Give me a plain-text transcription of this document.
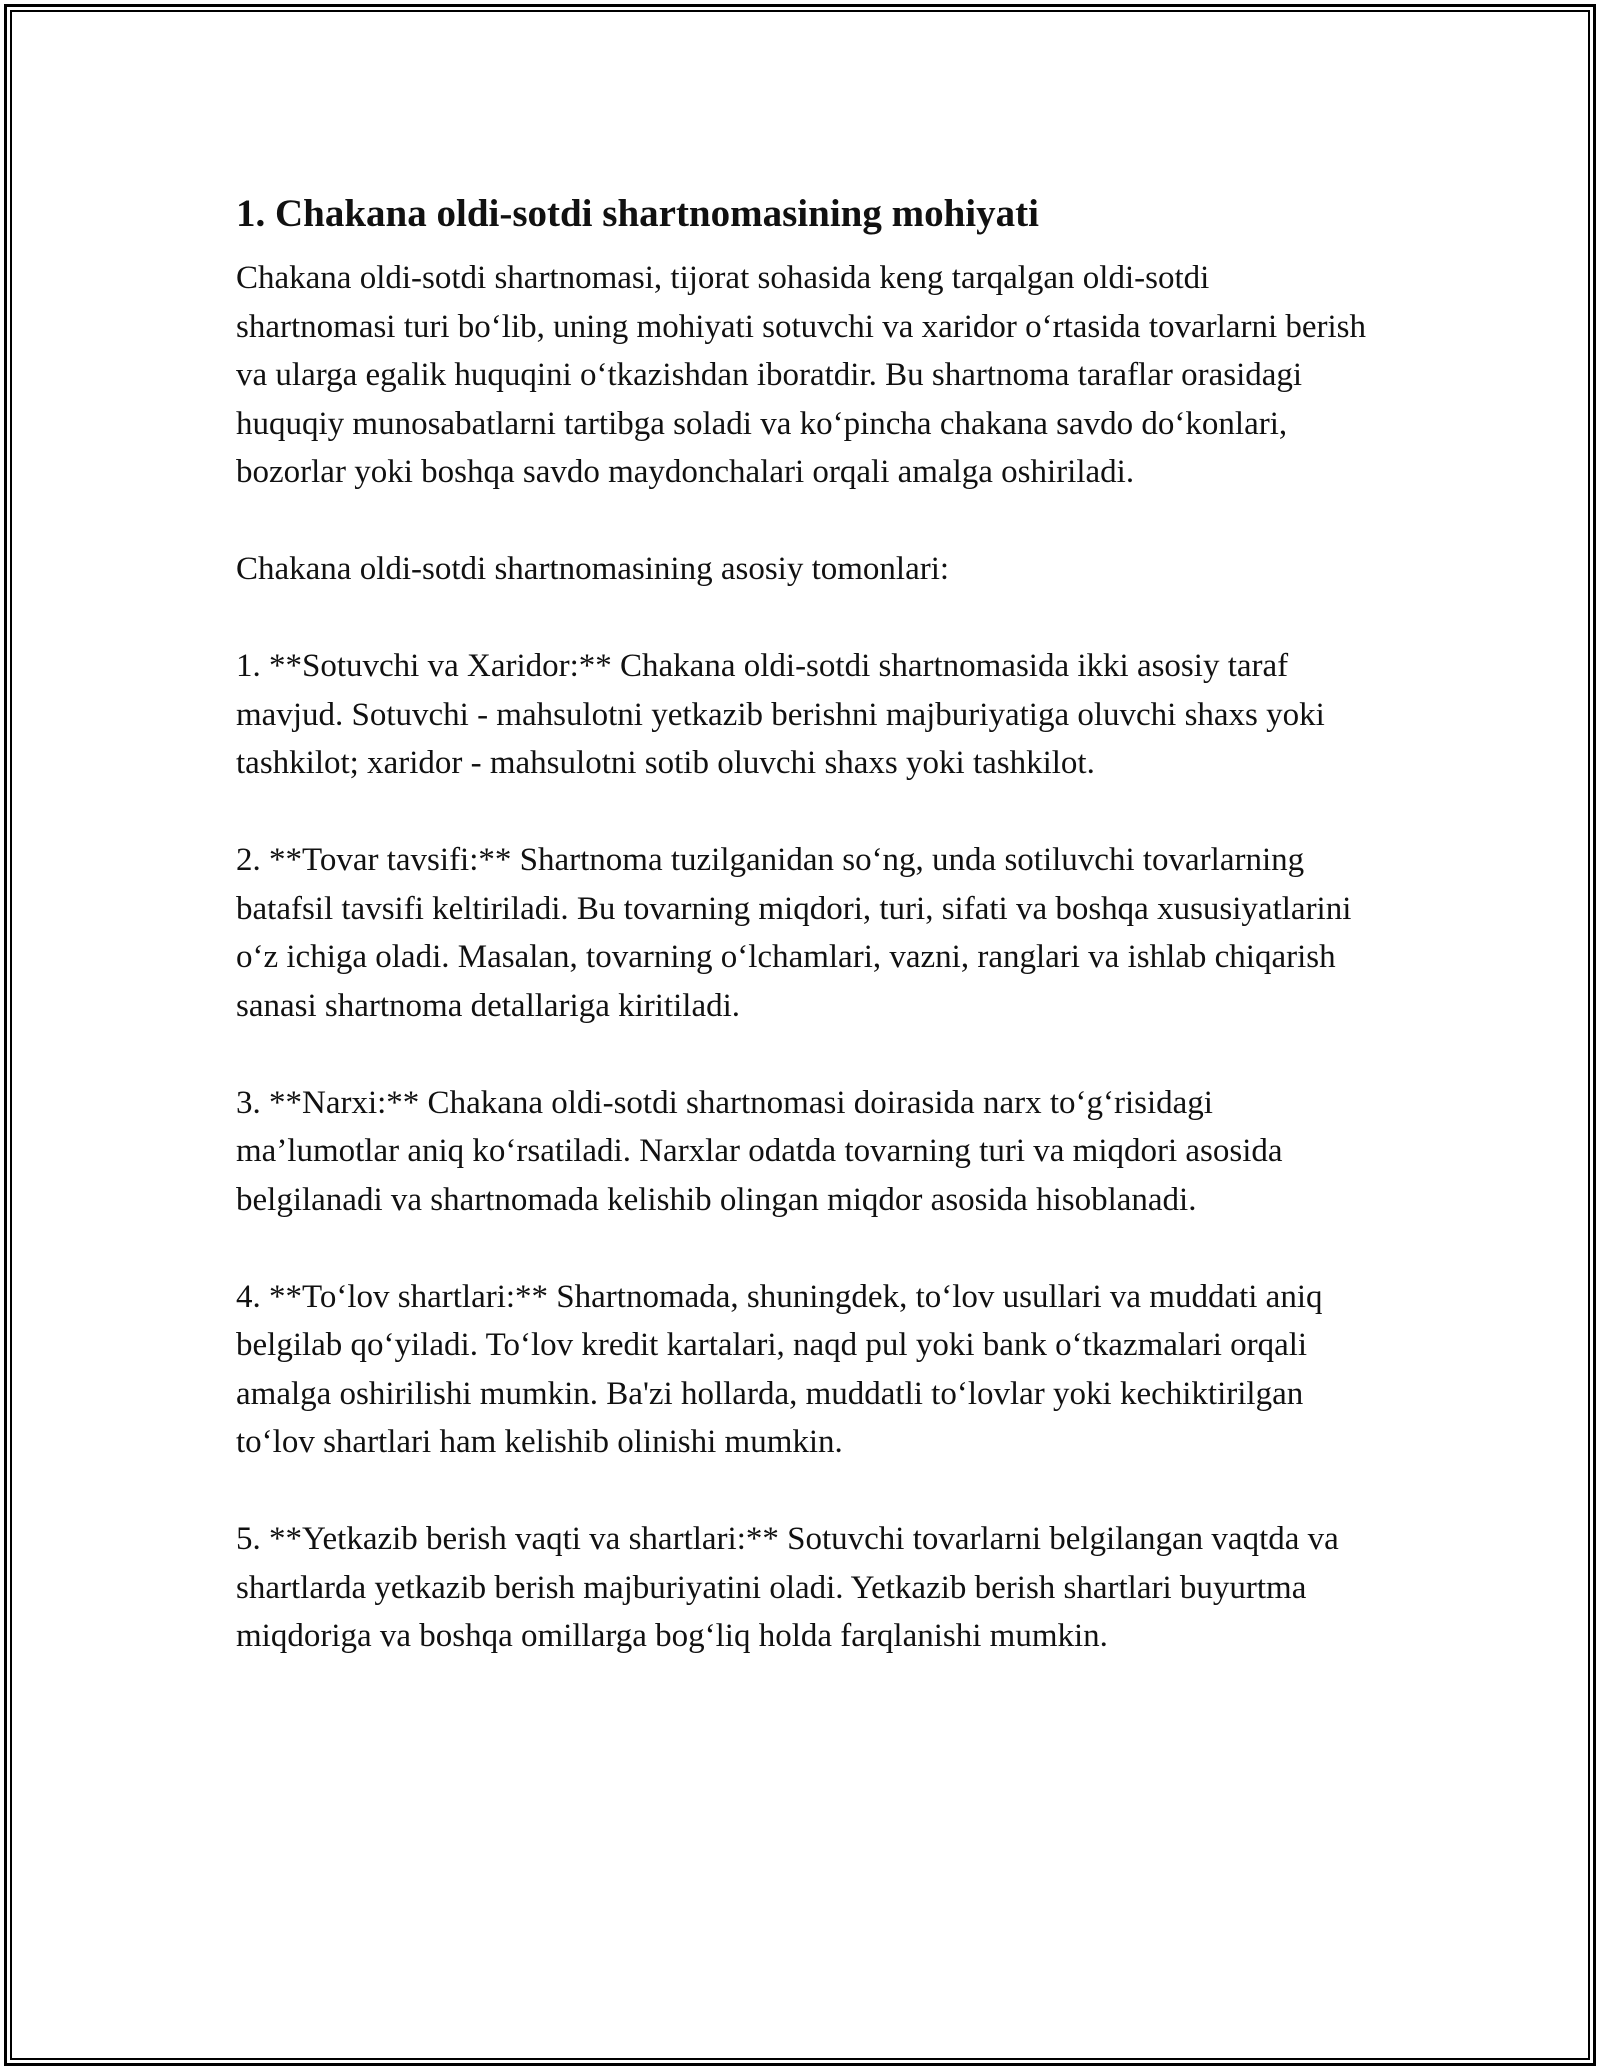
1. Chakana oldi-sotdi shartnomasining mohiyati

Chakana oldi-sotdi shartnomasi, tijorat sohasida keng tarqalgan oldi-sotdi shartnomasi turi bo‘lib, uning mohiyati sotuvchi va xaridor o‘rtasida tovarlarni berish va ularga egalik huquqini o‘tkazishdan iboratdir. Bu shartnoma taraflar orasidagi huquqiy munosabatlarni tartibga soladi va ko‘pincha chakana savdo do‘konlari, bozorlar yoki boshqa savdo maydonchalari orqali amalga oshiriladi.

Chakana oldi-sotdi shartnomasining asosiy tomonlari:

1. **Sotuvchi va Xaridor:** Chakana oldi-sotdi shartnomasida ikki asosiy taraf mavjud. Sotuvchi - mahsulotni yetkazib berishni majburiyatiga oluvchi shaxs yoki tashkilot; xaridor - mahsulotni sotib oluvchi shaxs yoki tashkilot.

2. **Tovar tavsifi:** Shartnoma tuzilganidan so‘ng, unda sotiluvchi tovarlarning batafsil tavsifi keltiriladi. Bu tovarning miqdori, turi, sifati va boshqa xususiyatlarini o‘z ichiga oladi. Masalan, tovarning o‘lchamlari, vazni, ranglari va ishlab chiqarish sanasi shartnoma detallariga kiritiladi.

3. **Narxi:** Chakana oldi-sotdi shartnomasi doirasida narx to‘g‘risidagi ma’lumotlar aniq ko‘rsatiladi. Narxlar odatda tovarning turi va miqdori asosida belgilanadi va shartnomada kelishib olingan miqdor asosida hisoblanadi.

4. **To‘lov shartlari:** Shartnomada, shuningdek, to‘lov usullari va muddati aniq belgilab qo‘yiladi. To‘lov kredit kartalari, naqd pul yoki bank o‘tkazmalari orqali amalga oshirilishi mumkin. Ba'zi hollarda, muddatli to‘lovlar yoki kechiktirilgan to‘lov shartlari ham kelishib olinishi mumkin.

5. **Yetkazib berish vaqti va shartlari:** Sotuvchi tovarlarni belgilangan vaqtda va shartlarda yetkazib berish majburiyatini oladi. Yetkazib berish shartlari buyurtma miqdoriga va boshqa omillarga bog‘liq holda farqlanishi mumkin.
